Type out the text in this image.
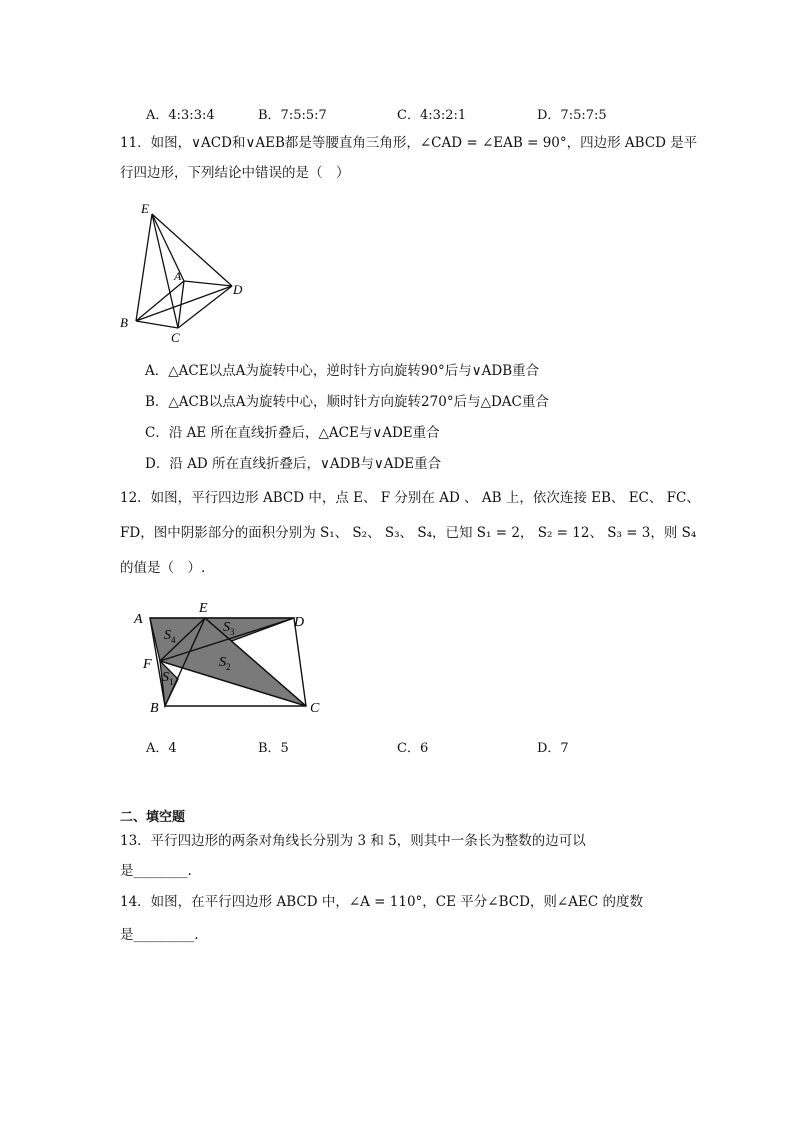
A．4:3:3:4	B．7:5:5:7	C．4:3:2:1	D．7:5:7:5
11．如图，∨ACD和∨AEB都是等腰直角三角形，∠CAD = ∠EAB = 90°，四边形 ABCD 是平
行四边形，下列结论中错误的是（　）
E
A
D
B
C
A．△ACE以点A为旋转中心，逆时针方向旋转90°后与∨ADB重合
B．△ACB以点A为旋转中心，顺时针方向旋转270°后与△DAC重合
C．沿 AE 所在直线折叠后，△ACE与∨ADE重合
D．沿 AD 所在直线折叠后，∨ADB与∨ADE重合
12．如图，平行四边形 ABCD 中，点 E、 F 分别在 AD 、 AB 上，依次连接 EB、 EC、 FC、
FD，图中阴影部分的面积分别为 S₁、 S₂、 S₃、 S₄，已知 S₁ = 2， S₂ = 12、 S₃ = 3，则 S₄
的值是（　）.
A
E
D
F
B	C
$S_4$
$S_3$
$S_2$
$S_1$
A．4	B．5	C．6	D．7
二、填空题
13．平行四边形的两条对角线长分别为 3 和 5，则其中一条长为整数的边可以
是________.
14．如图，在平行四边形 ABCD 中，∠A = 110°，CE 平分∠BCD，则∠AEC 的度数
是_________.
